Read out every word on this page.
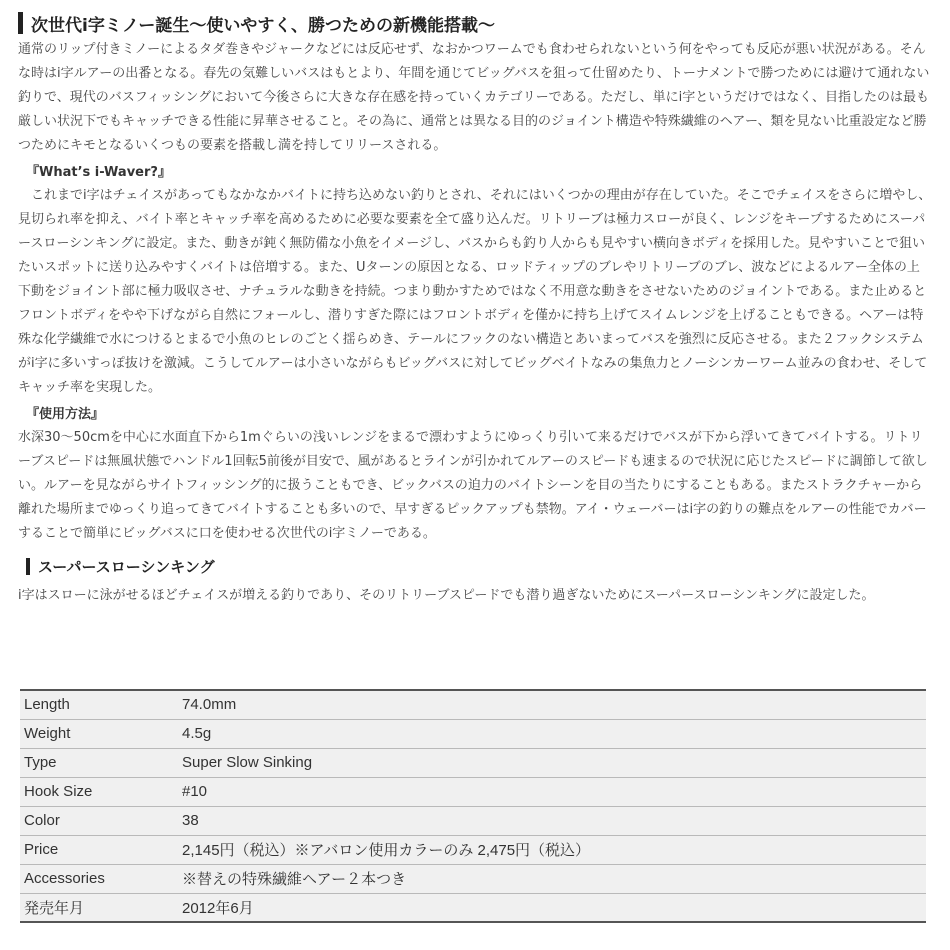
次世代i字ミノー誕生～使いやすく、勝つための新機能搭載～

通常のリップ付きミノーによるタダ巻きやジャークなどには反応せず、なおかつワームでも食わせられないという何をやっても反応が悪い状況がある。そんな時はi字ルアーの出番となる。春先の気難しいバスはもとより、年間を通じてビッグバスを狙って仕留めたり、トーナメントで勝つためには避けて通れない釣りで、現代のバスフィッシングにおいて今後さらに大きな存在感を持っていくカテゴリーである。ただし、単にi字というだけではなく、目指したのは最も厳しい状況下でもキャッチできる性能に昇華させること。その為に、通常とは異なる目的のジョイント構造や特殊繊維のヘアー、類を見ない比重設定など勝つためにキモとなるいくつもの要素を搭載し満を持してリリースされる。

『What’s i-Waver?』

これまでi字はチェイスがあってもなかなかバイトに持ち込めない釣りとされ、それにはいくつかの理由が存在していた。そこでチェイスをさらに増やし、見切られ率を抑え、バイト率とキャッチ率を高めるために必要な要素を全て盛り込んだ。リトリーブは極力スローが良く、レンジをキープするためにスーパースローシンキングに設定。また、動きが鈍く無防備な小魚をイメージし、バスからも釣り人からも見やすい横向きボディを採用した。見やすいことで狙いたいスポットに送り込みやすくバイトは倍増する。また、Uターンの原因となる、ロッドティップのブレやリトリーブのブレ、波などによるルアー全体の上下動をジョイント部に極力吸収させ、ナチュラルな動きを持続。つまり動かすためではなく不用意な動きをさせないためのジョイントである。また止めるとフロントボディをやや下げながら自然にフォールし、潜りすぎた際にはフロントボディを僅かに持ち上げてスイムレンジを上げることもできる。ヘアーは特殊な化学繊維で水につけるとまるで小魚のヒレのごとく揺らめき、テールにフックのない構造とあいまってバスを強烈に反応させる。また２フックシステムがi字に多いすっぽ抜けを激減。こうしてルアーは小さいながらもビッグバスに対してビッグベイトなみの集魚力とノーシンカーワーム並みの食わせ、そしてキャッチ率を実現した。

『使用方法』

水深30～50cmを中心に水面直下から1mぐらいの浅いレンジをまるで漂わすようにゆっくり引いて来るだけでバスが下から浮いてきてバイトする。リトリーブスピードは無風状態でハンドル1回転5前後が目安で、風があるとラインが引かれてルアーのスピードも速まるので状況に応じたスピードに調節して欲しい。ルアーを見ながらサイトフィッシング的に扱うこともでき、ビックバスの迫力のバイトシーンを目の当たりにすることもある。またストラクチャーから離れた場所までゆっくり追ってきてバイトすることも多いので、早すぎるピックアップも禁物。アイ・ウェーバーはi字の釣りの難点をルアーの性能でカバーすることで簡単にビッグバスに口を使わせる次世代のi字ミノーである。

スーパースローシンキング

i字はスローに泳がせるほどチェイスが増える釣りであり、そのリトリーブスピードでも潜り過ぎないためにスーパースローシンキングに設定した。

Length	74.0mm
Weight	4.5g
Type	Super Slow Sinking
Hook Size	#10
Color	38
Price	2,145円（税込）※アバロン使用カラーのみ 2,475円（税込）
Accessories	※替えの特殊繊維ヘアー２本つき
発売年月	2012年6月
